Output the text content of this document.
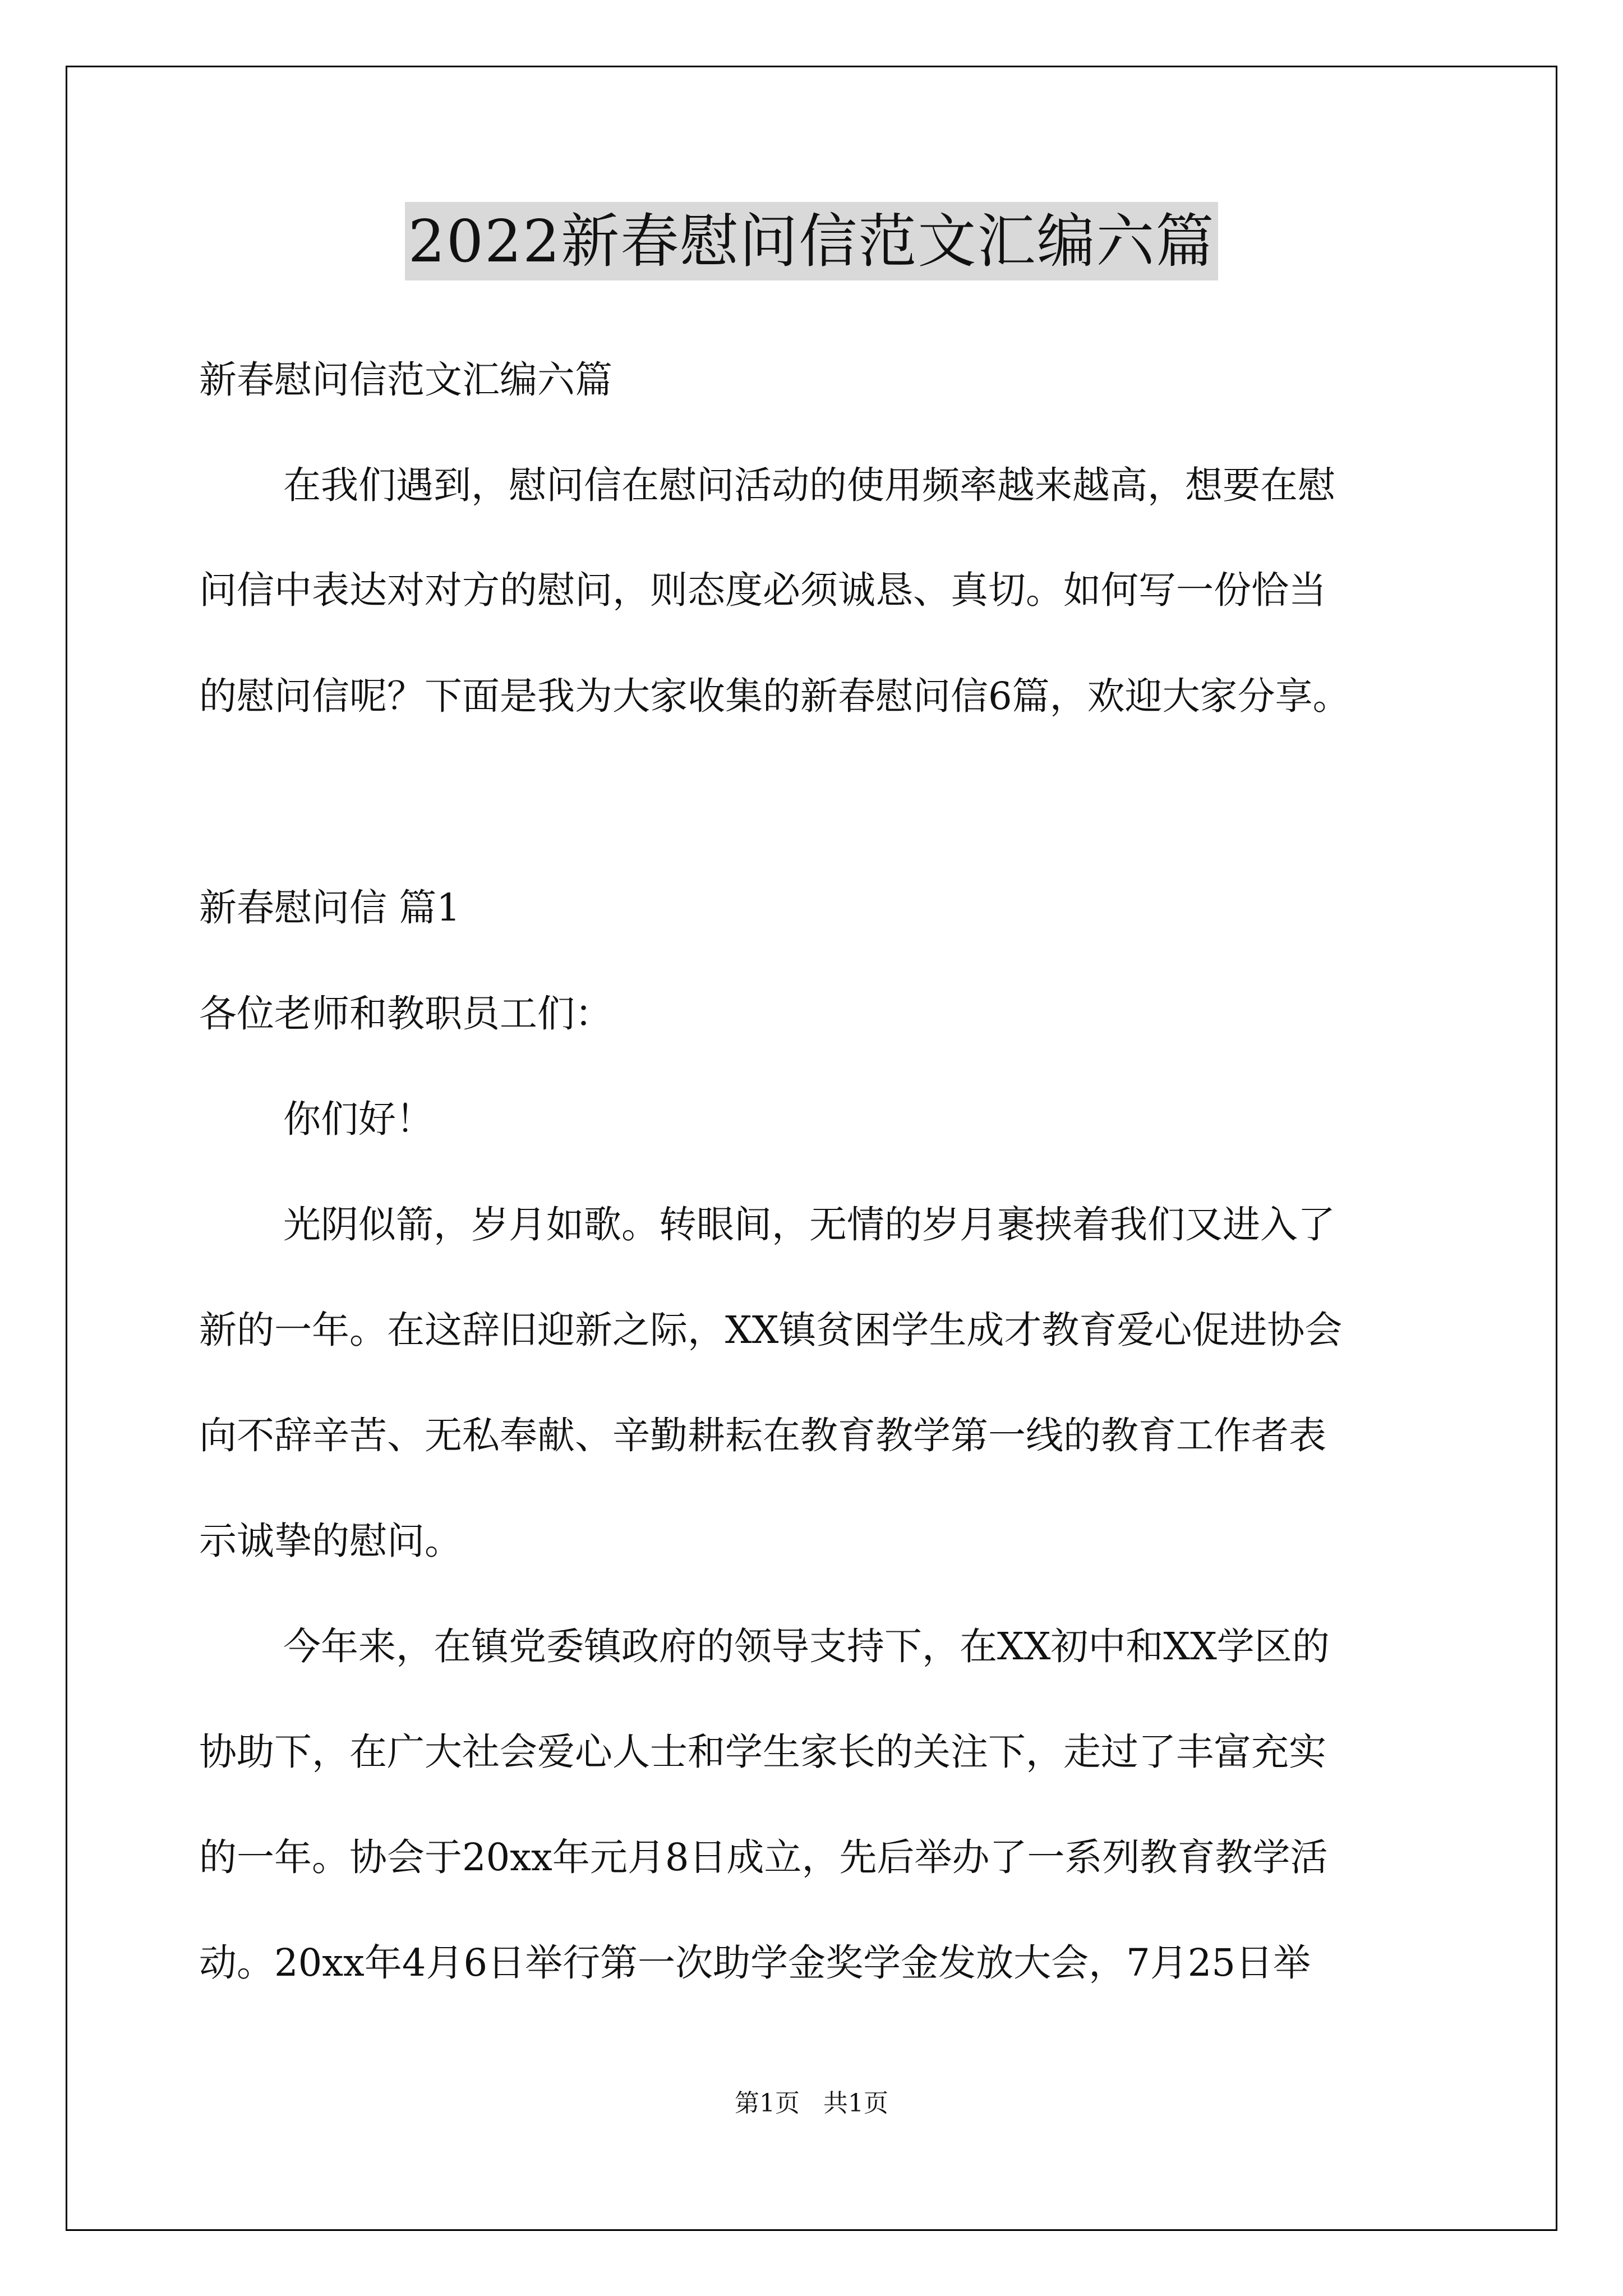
2022新春慰问信范文汇编六篇
新春慰问信范文汇编六篇
在我们遇到，慰问信在慰问活动的使用频率越来越高，想要在慰
问信中表达对对方的慰问，则态度必须诚恳、真切。如何写一份恰当
的慰问信呢？下面是我为大家收集的新春慰问信6篇，欢迎大家分享。
新春慰问信 篇1
各位老师和教职员工们：
你们好！
光阴似箭，岁月如歌。转眼间，无情的岁月裹挟着我们又进入了
新的一年。在这辞旧迎新之际，XX镇贫困学生成才教育爱心促进协会
向不辞辛苦、无私奉献、辛勤耕耘在教育教学第一线的教育工作者表
示诚挚的慰问。
今年来，在镇党委镇政府的领导支持下，在XX初中和XX学区的
协助下，在广大社会爱心人士和学生家长的关注下，走过了丰富充实
的一年。协会于20xx年元月8日成立，先后举办了一系列教育教学活
动。20xx年4月6日举行第一次助学金奖学金发放大会，7月25日举
第1页   共1页
